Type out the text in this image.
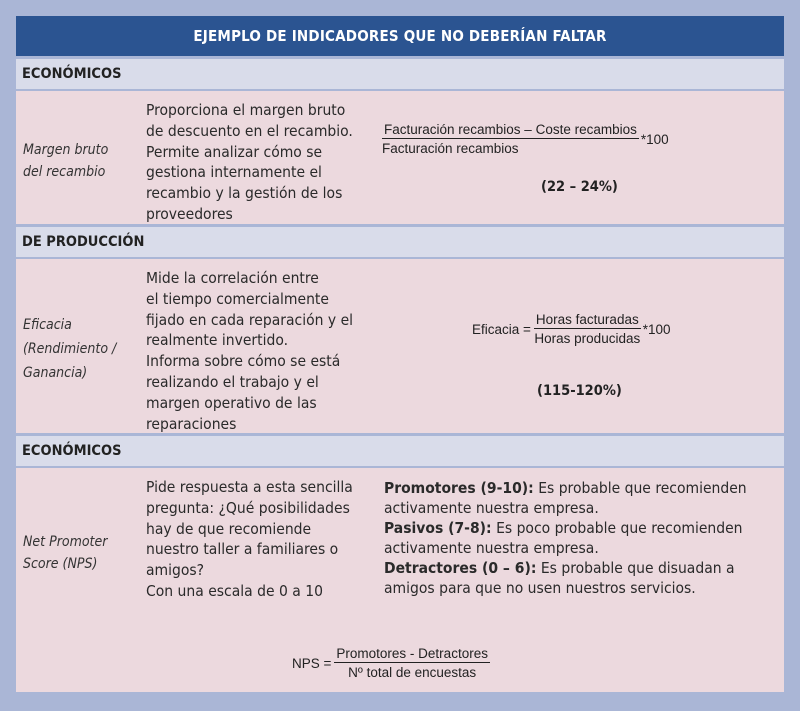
EJEMPLO DE INDICADORES QUE NO DEBERÍAN FALTAR
ECONÓMICOS
Margen bruto
del recambio
Proporciona el margen bruto
de descuento en el recambio.
Permite analizar cómo se
gestiona internamente el
recambio y la gestión de los
proveedores
$\frac{\text{Facturación recambios – Coste recambios}}{\text{Facturación recambios}} *100$
(22 – 24%)
DE PRODUCCIÓN
Eficacia
(Rendimiento /
Ganancia)
Mide la correlación entre
el tiempo comercialmente
fijado en cada reparación y el
realmente invertido.
Informa sobre cómo se está
realizando el trabajo y el
margen operativo de las
reparaciones
Eficacia = $\frac{\text{Horas facturadas}}{\text{Horas producidas}} *100$
(115-120%)
ECONÓMICOS
Net Promoter
Score (NPS)
Pide respuesta a esta sencilla
pregunta: ¿Qué posibilidades
hay de que recomiende
nuestro taller a familiares o
amigos?
Con una escala de 0 a 10

Promotores (9-10): Es probable que recomienden

activamente nuestra empresa.

Pasivos (7-8): Es poco probable que recomienden

activamente nuestra empresa.

Detractores (0 – 6): Es probable que disuadan a

amigos para que no usen nuestros servicios.

NPS = $\frac{\text{Promotores - Detractores}}{\text{Nº total de encuestas}}$
